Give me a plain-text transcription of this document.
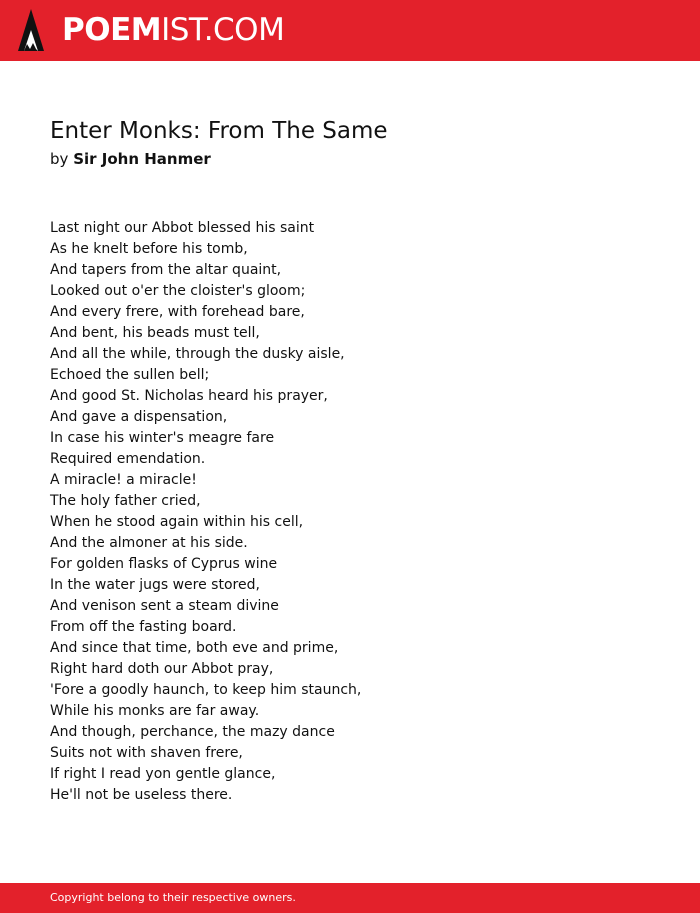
POEMIST.COM
Enter Monks: From The Same
by Sir John Hanmer
Last night our Abbot blessed his saint
As he knelt before his tomb,
And tapers from the altar quaint,
Looked out o'er the cloister's gloom;
And every frere, with forehead bare,
And bent, his beads must tell,
And all the while, through the dusky aisle,
Echoed the sullen bell;
And good St. Nicholas heard his prayer,
And gave a dispensation,
In case his winter's meagre fare
Required emendation.
A miracle! a miracle!
The holy father cried,
When he stood again within his cell,
And the almoner at his side.
For golden flasks of Cyprus wine
In the water jugs were stored,
And venison sent a steam divine
From off the fasting board.
And since that time, both eve and prime,
Right hard doth our Abbot pray,
'Fore a goodly haunch, to keep him staunch,
While his monks are far away.
And though, perchance, the mazy dance
Suits not with shaven frere,
If right I read yon gentle glance,
He'll not be useless there.
Copyright belong to their respective owners.
